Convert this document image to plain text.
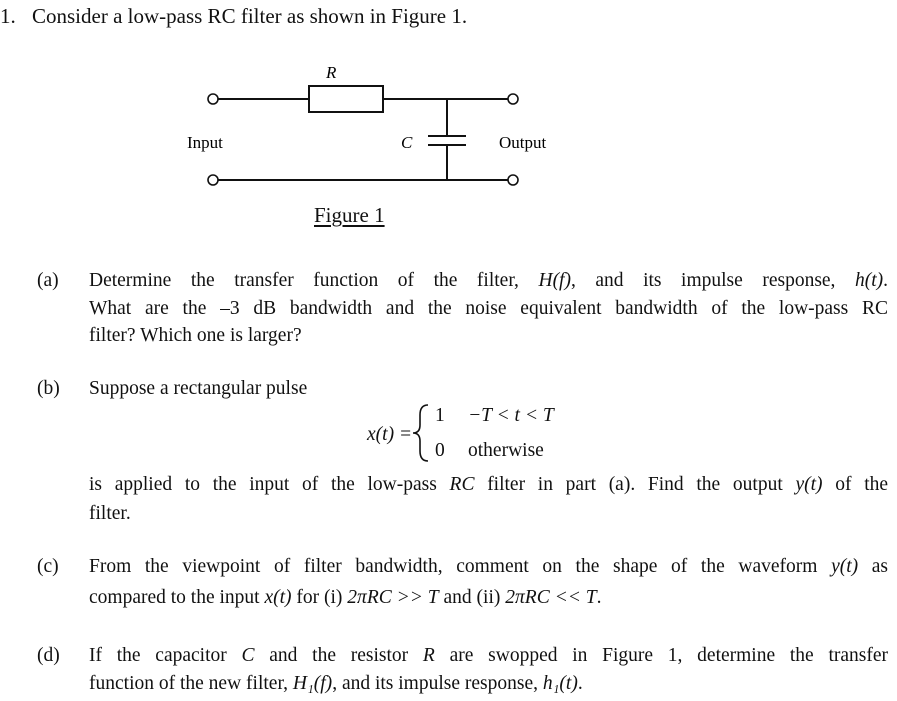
1. Consider a low-pass RC filter as shown in Figure 1.
R
C
Input	Output
Figure 1
(a) Determine the transfer function of the filter, H(f), and its impulse response, h(t).
What are the –3 dB bandwidth and the noise equivalent bandwidth of the low-pass RC
filter? Which one is larger?
(b) Suppose a rectangular pulse
x(t) =
1 −T < t < T
0 otherwise
is applied to the input of the low-pass RC filter in part (a). Find the output y(t) of the
filter.
(c) From the viewpoint of filter bandwidth, comment on the shape of the waveform y(t) as
compared to the input x(t) for (i) 2πRC >> T and (ii) 2πRC << T.
(d) If the capacitor C and the resistor R are swopped in Figure 1, determine the transfer
function of the new filter, H₁(f), and its impulse response, h₁(t).
